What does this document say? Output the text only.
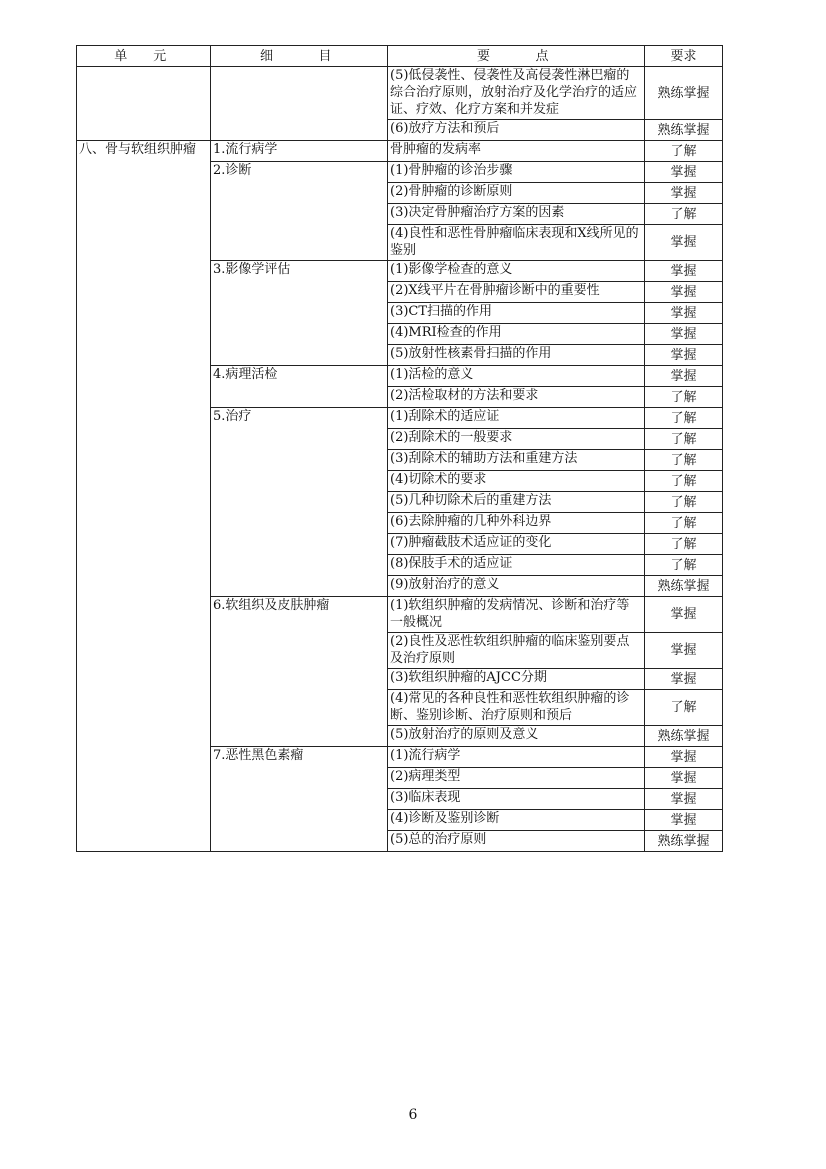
单　元	细　　目	要　　点	要求
		(5)低侵袭性、侵袭性及高侵袭性淋巴瘤的综合治疗原则，放射治疗及化学治疗的适应证、疗效、化疗方案和并发症	熟练掌握
		(6)放疗方法和预后	熟练掌握
八、骨与软组织肿瘤	1.流行病学	骨肿瘤的发病率	了解
	2.诊断	(1)骨肿瘤的诊治步骤	掌握
		(2)骨肿瘤的诊断原则	掌握
		(3)决定骨肿瘤治疗方案的因素	了解
		(4)良性和恶性骨肿瘤临床表现和X线所见的鉴别	掌握
	3.影像学评估	(1)影像学检查的意义	掌握
		(2)X线平片在骨肿瘤诊断中的重要性	掌握
		(3)CT扫描的作用	掌握
		(4)MRI检查的作用	掌握
		(5)放射性核素骨扫描的作用	掌握
	4.病理活检	(1)活检的意义	掌握
		(2)活检取材的方法和要求	了解
	5.治疗	(1)刮除术的适应证	了解
		(2)刮除术的一般要求	了解
		(3)刮除术的辅助方法和重建方法	了解
		(4)切除术的要求	了解
		(5)几种切除术后的重建方法	了解
		(6)去除肿瘤的几种外科边界	了解
		(7)肿瘤截肢术适应证的变化	了解
		(8)保肢手术的适应证	了解
		(9)放射治疗的意义	熟练掌握
	6.软组织及皮肤肿瘤	(1)软组织肿瘤的发病情况、诊断和治疗等一般概况	掌握
		(2)良性及恶性软组织肿瘤的临床鉴别要点及治疗原则	掌握
		(3)软组织肿瘤的AJCC分期	掌握
		(4)常见的各种良性和恶性软组织肿瘤的诊断、鉴别诊断、治疗原则和预后	了解
		(5)放射治疗的原则及意义	熟练掌握
	7.恶性黑色素瘤	(1)流行病学	掌握
		(2)病理类型	掌握
		(3)临床表现	掌握
		(4)诊断及鉴别诊断	掌握
		(5)总的治疗原则	熟练掌握
6
